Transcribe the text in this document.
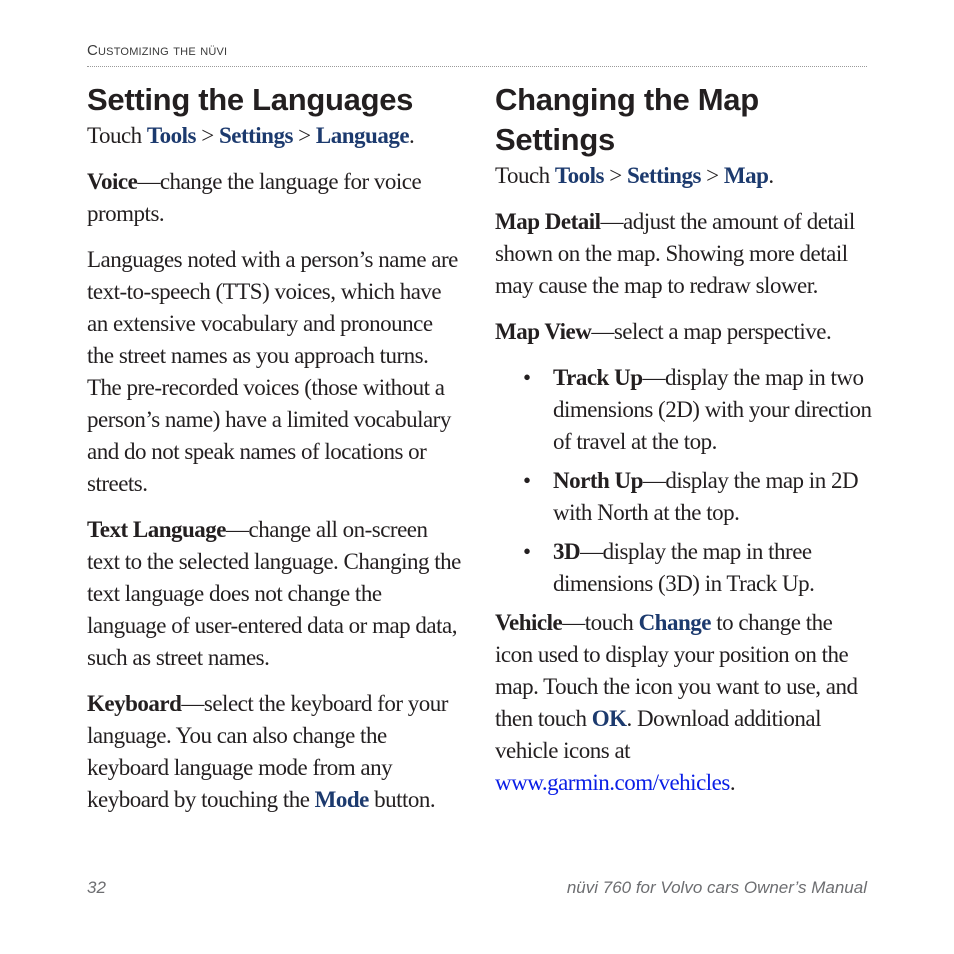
Customizing the nüvi
Setting the Languages

Touch Tools > Settings > Language.

Voice—change the language for voice prompts.

Languages noted with a person’s name are text-to-speech (TTS) voices, which have an extensive vocabulary and pronounce the street names as you approach turns. The pre-recorded voices (those without a person’s name) have a limited vocabulary and do not speak names of locations or streets.

Text Language—change all on-screen text to the selected language. Changing the text language does not change the language of user-entered data or map data, such as street names.

Keyboard—select the keyboard for your language. You can also change the keyboard language mode from any keyboard by touching the Mode button.

Changing the Map Settings

Touch Tools > Settings > Map.

Map Detail—adjust the amount of detail shown on the map. Showing more detail may cause the map to redraw slower.

Map View—select a map perspective.

• Track Up—display the map in two dimensions (2D) with your direction of travel at the top.
• North Up—display the map in 2D with North at the top.
• 3D—display the map in three dimensions (3D) in Track Up.

Vehicle—touch Change to change the icon used to display your position on the map. Touch the icon you want to use, and then touch OK. Download additional vehicle icons at www.garmin.com/vehicles.

32	nüvi 760 for Volvo cars Owner’s Manual
